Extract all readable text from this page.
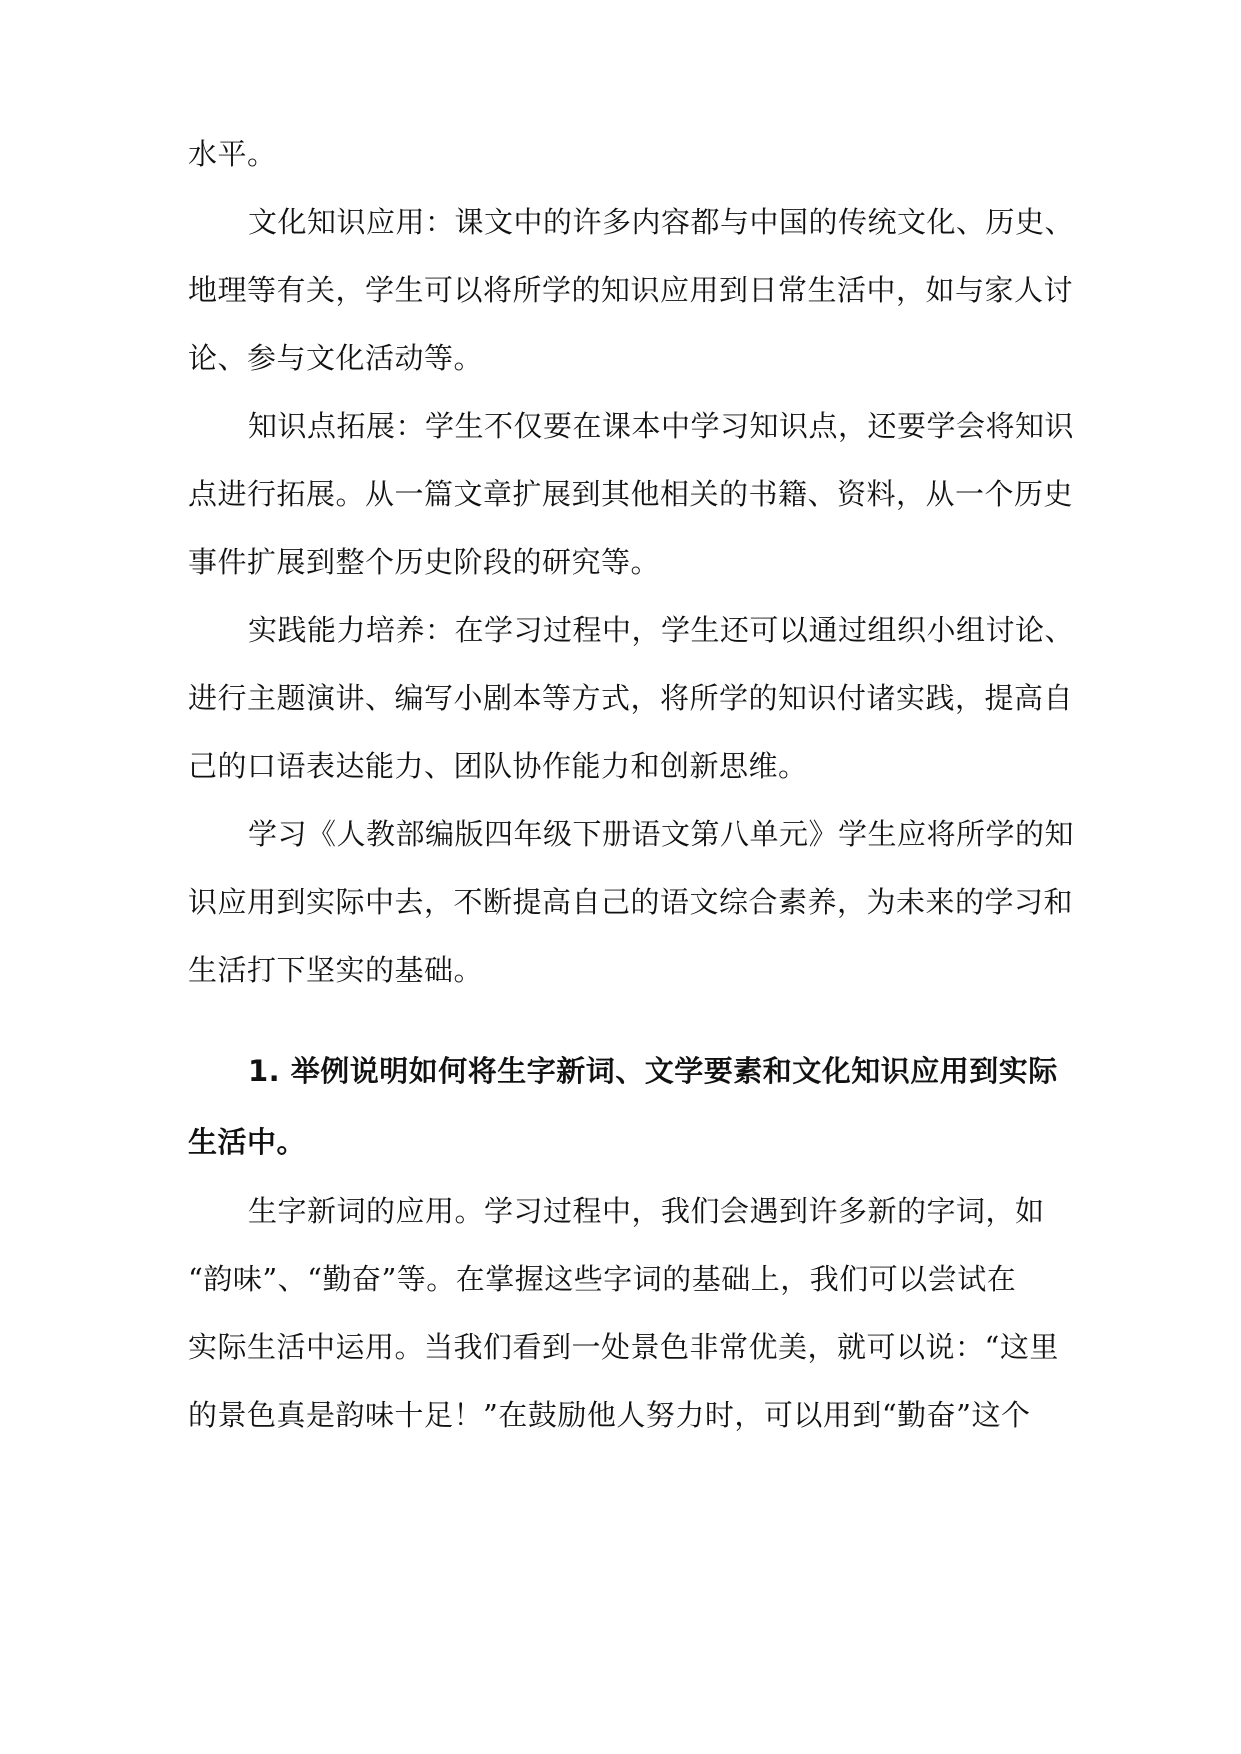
水平。
文化知识应用：课文中的许多内容都与中国的传统文化、历史、
地理等有关，学生可以将所学的知识应用到日常生活中，如与家人讨
论、参与文化活动等。
知识点拓展：学生不仅要在课本中学习知识点，还要学会将知识
点进行拓展。从一篇文章扩展到其他相关的书籍、资料，从一个历史
事件扩展到整个历史阶段的研究等。
实践能力培养：在学习过程中，学生还可以通过组织小组讨论、
进行主题演讲、编写小剧本等方式，将所学的知识付诸实践，提高自
己的口语表达能力、团队协作能力和创新思维。
学习《人教部编版四年级下册语文第八单元》学生应将所学的知
识应用到实际中去，不断提高自己的语文综合素养，为未来的学习和
生活打下坚实的基础。
1. 举例说明如何将生字新词、文学要素和文化知识应用到实际
生活中。
生字新词的应用。学习过程中，我们会遇到许多新的字词，如
“韵味”、“勤奋”等。在掌握这些字词的基础上，我们可以尝试在
实际生活中运用。当我们看到一处景色非常优美，就可以说：“这里
的景色真是韵味十足！”在鼓励他人努力时，可以用到“勤奋”这个
